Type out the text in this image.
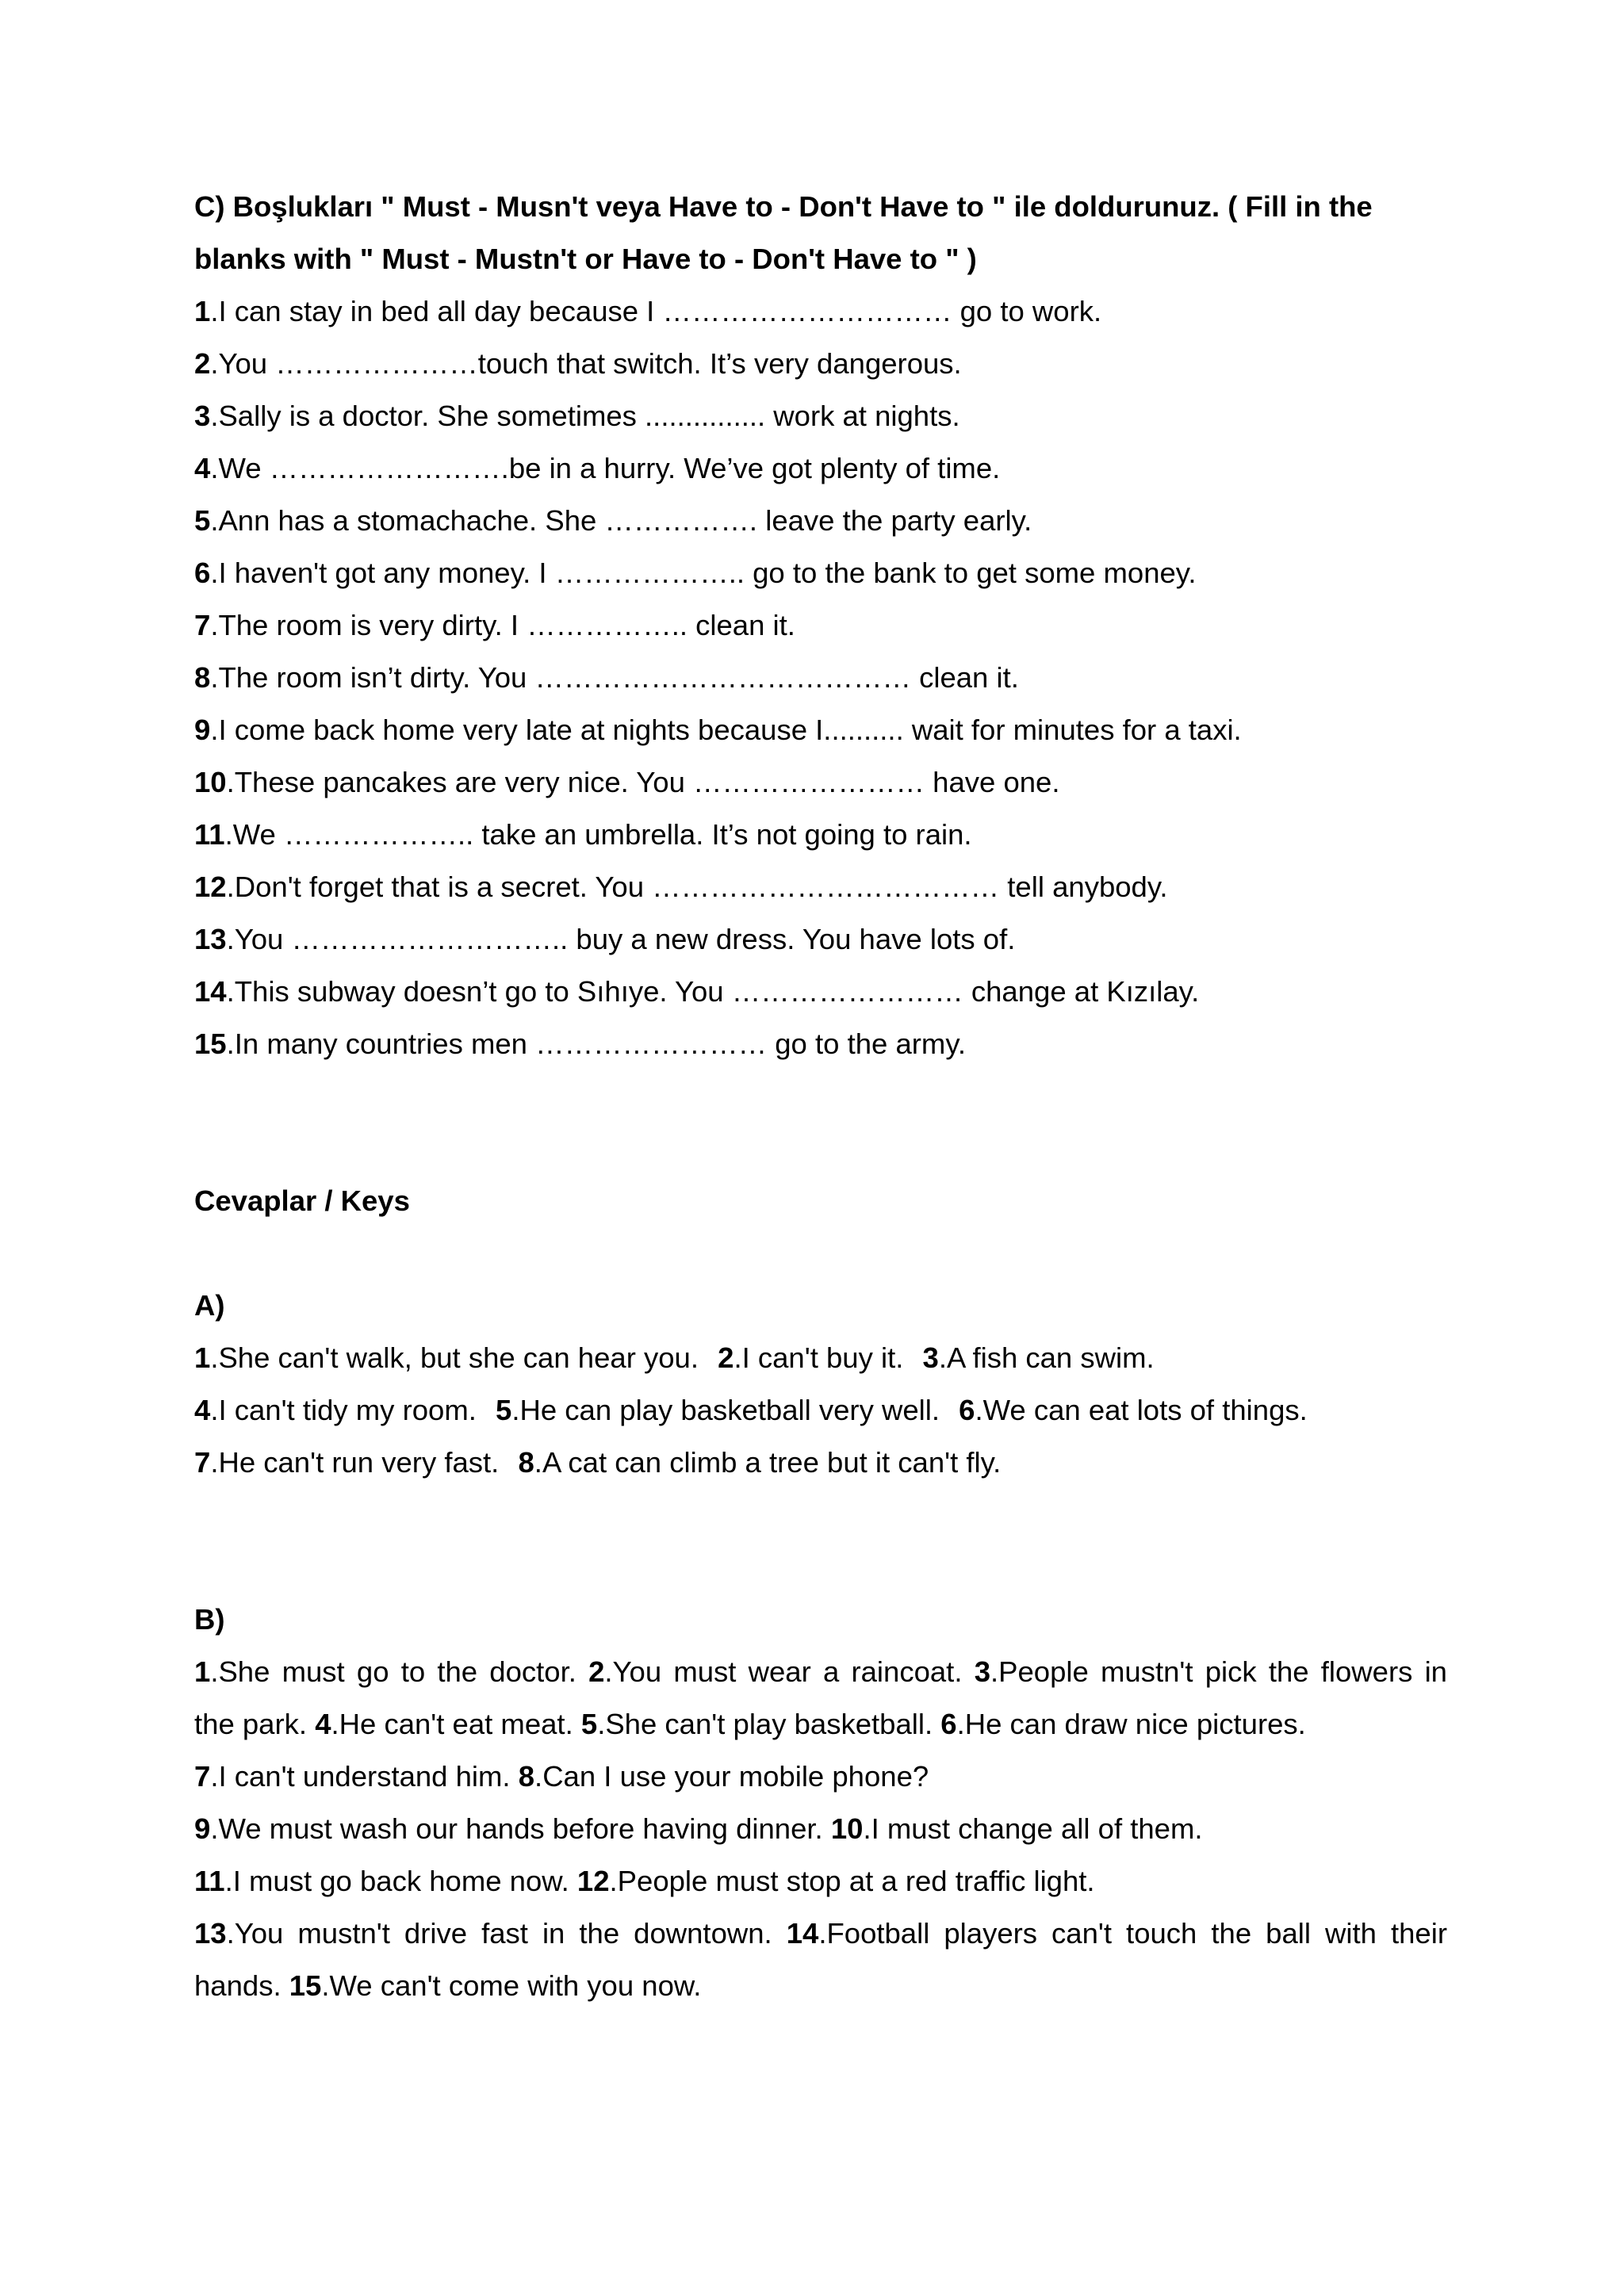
C) Boşlukları " Must - Musn't veya Have to - Don't Have to " ile doldurunuz. ( Fill in the
blanks with " Must - Mustn't or Have to - Don't Have to " )
1.I can stay in bed all day because I ………………………… go to work.
2.You …………………touch that switch. It’s very dangerous.
3.Sally is a doctor. She sometimes ............... work at nights.
4.We …………………….be in a hurry. We’ve got plenty of time.
5.Ann has a stomachache. She ……………. leave the party early.
6.I haven't got any money. I ……………….. go to the bank to get some money.
7.The room is very dirty. I …………….. clean it.
8.The room isn’t dirty. You ………………………………… clean it.
9.I come back home very late at nights because I.......... wait for minutes for a taxi.
10.These pancakes are very nice. You …………………… have one.
11.We ……………….. take an umbrella. It’s not going to rain.
12.Don't forget that is a secret. You ……………………………… tell anybody.
13.You ……………………….. buy a new dress. You have lots of.
14.This subway doesn’t go to Sıhıye. You …………………… change at Kızılay.
15.In many countries men …………………… go to the army.
Cevaplar / Keys
A)
1.She can't walk, but she can hear you. 2.I can't buy it. 3.A fish can swim.
4.I can't tidy my room. 5.He can play basketball very well. 6.We can eat lots of things.
7.He can't run very fast. 8.A cat can climb a tree but it can't fly.
B)
1.She must go to the doctor. 2.You must wear a raincoat. 3.People mustn't pick the flowers in
the park. 4.He can't eat meat. 5.She can't play basketball. 6.He can draw nice pictures.
7.I can't understand him. 8.Can I use your mobile phone?
9.We must wash our hands before having dinner. 10.I must change all of them.
11.I must go back home now. 12.People must stop at a red traffic light.
13.You mustn't drive fast in the downtown. 14.Football players can't touch the ball with their
hands. 15.We can't come with you now.
